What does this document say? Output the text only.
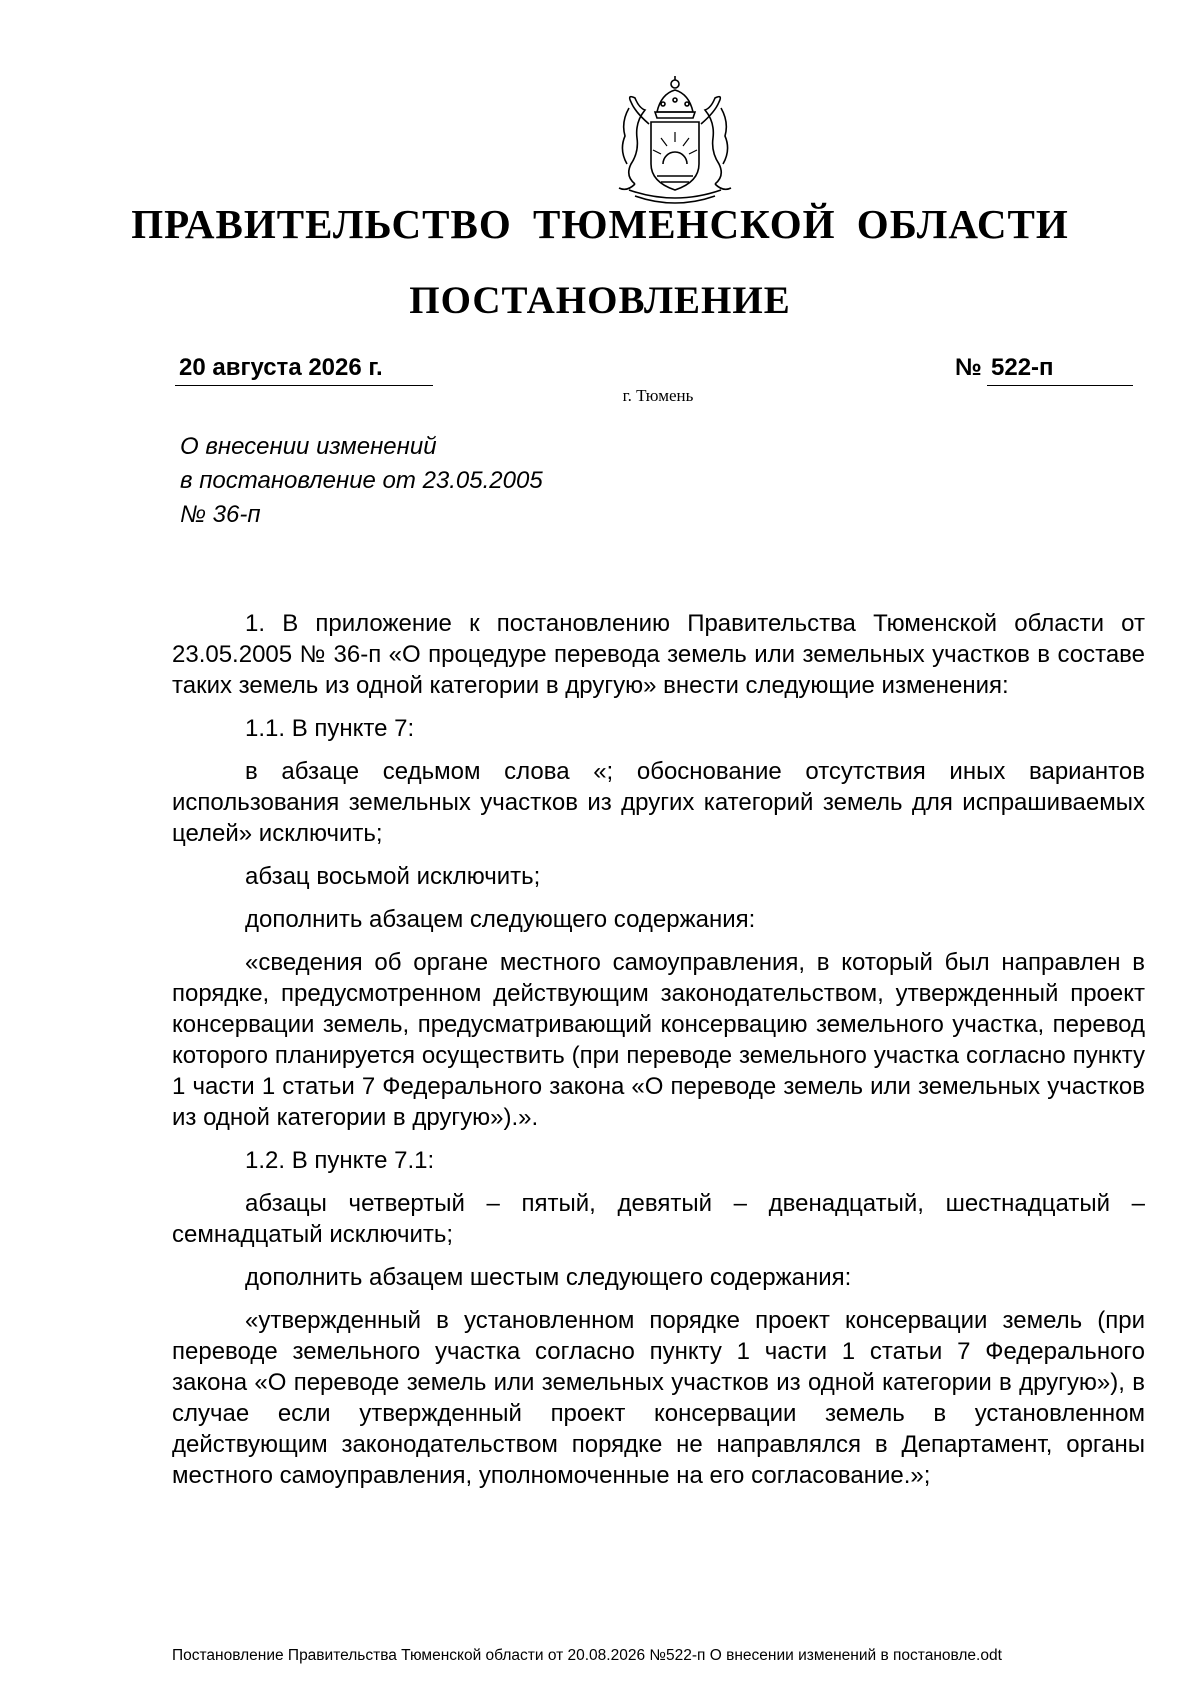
ПРАВИТЕЛЬСТВО ТЮМЕНСКОЙ ОБЛАСТИ
ПОСТАНОВЛЕНИЕ
20 августа 2026 г.	№ 522-п
г. Тюмень
О внесении изменений
в постановление от 23.05.2005
№ 36-п

1. В приложение к постановлению Правительства Тюменской области от 23.05.2005 № 36-п «О процедуре перевода земель или земельных участков в составе таких земель из одной категории в другую» внести следующие изменения:

1.1. В пункте 7:

в абзаце седьмом слова «; обоснование отсутствия иных вариантов использования земельных участков из других категорий земель для испрашиваемых целей» исключить;

абзац восьмой исключить;

дополнить абзацем следующего содержания:

«сведения об органе местного самоуправления, в который был направлен в порядке, предусмотренном действующим законодательством, утвержденный проект консервации земель, предусматривающий консервацию земельного участка, перевод которого планируется осуществить (при переводе земельного участка согласно пункту 1 части 1 статьи 7 Федерального закона «О переводе земель или земельных участков из одной категории в другую»).».

1.2. В пункте 7.1:

абзацы четвертый – пятый, девятый – двенадцатый, шестнадцатый – семнадцатый исключить;

дополнить абзацем шестым следующего содержания:

«утвержденный в установленном порядке проект консервации земель (при переводе земельного участка согласно пункту 1 части 1 статьи 7 Федерального закона «О переводе земель или земельных участков из одной категории в другую»), в случае если утвержденный проект консервации земель в установленном действующим законодательством порядке не направлялся в Департамент, органы местного самоуправления, уполномоченные на его согласование.»;

Постановление Правительства Тюменской области от 20.08.2026 №522-п О внесении изменений в постановле.odt
